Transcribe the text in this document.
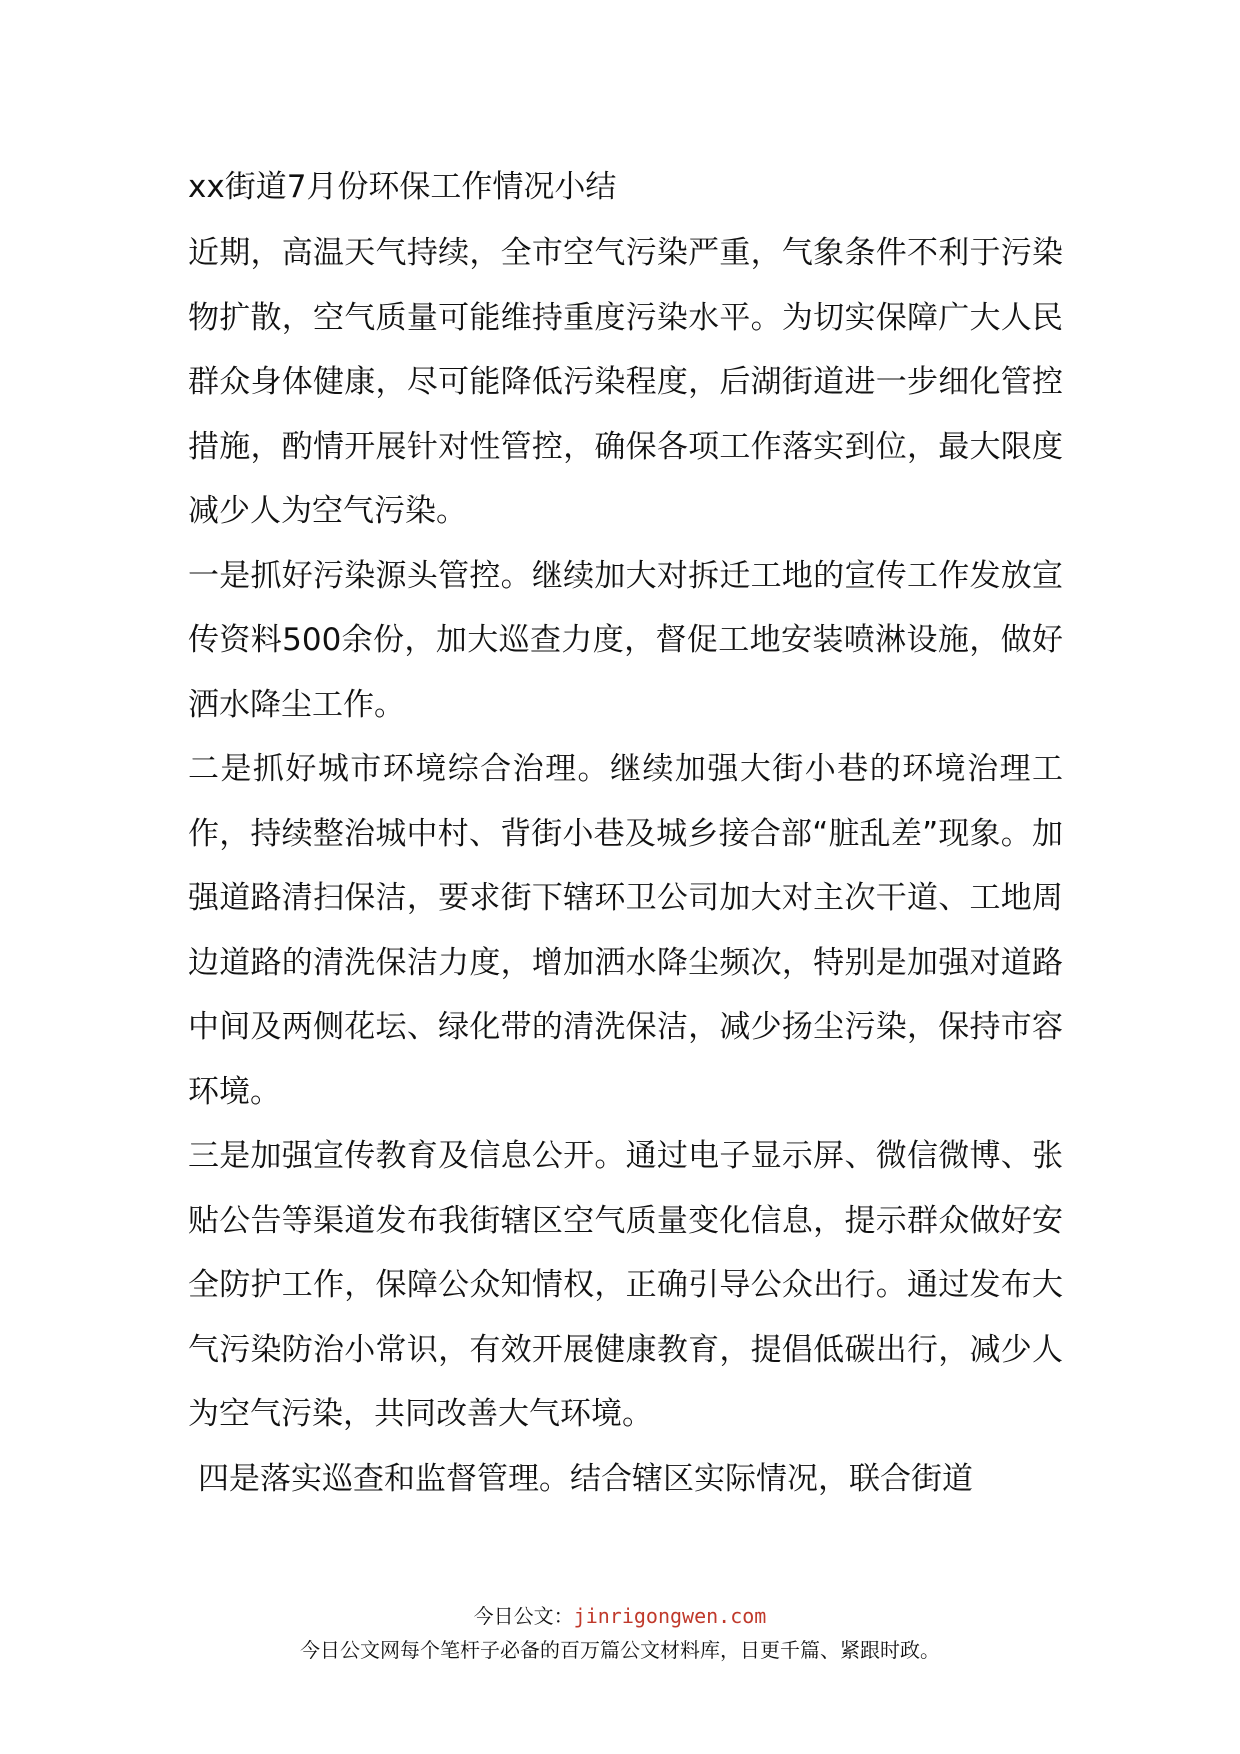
xx街道7月份环保工作情况小结

近期，高温天气持续，全市空气污染严重，气象条件不利于污染物扩散，空气质量可能维持重度污染水平。为切实保障广大人民群众身体健康，尽可能降低污染程度，后湖街道进一步细化管控措施，酌情开展针对性管控，确保各项工作落实到位，最大限度减少人为空气污染。

一是抓好污染源头管控。继续加大对拆迁工地的宣传工作发放宣传资料500余份，加大巡查力度，督促工地安装喷淋设施，做好洒水降尘工作。

二是抓好城市环境综合治理。继续加强大街小巷的环境治理工作，持续整治城中村、背街小巷及城乡接合部“脏乱差”现象。加强道路清扫保洁，要求街下辖环卫公司加大对主次干道、工地周边道路的清洗保洁力度，增加洒水降尘频次，特别是加强对道路中间及两侧花坛、绿化带的清洗保洁，减少扬尘污染，保持市容环境。

三是加强宣传教育及信息公开。通过电子显示屏、微信微博、张贴公告等渠道发布我街辖区空气质量变化信息，提示群众做好安全防护工作，保障公众知情权，正确引导公众出行。通过发布大气污染防治小常识，有效开展健康教育，提倡低碳出行，减少人为空气污染，共同改善大气环境。

四是落实巡查和监督管理。结合辖区实际情况，联合街道

今日公文：jinrigongwen.com
今日公文网每个笔杆子必备的百万篇公文材料库，日更千篇、紧跟时政。
